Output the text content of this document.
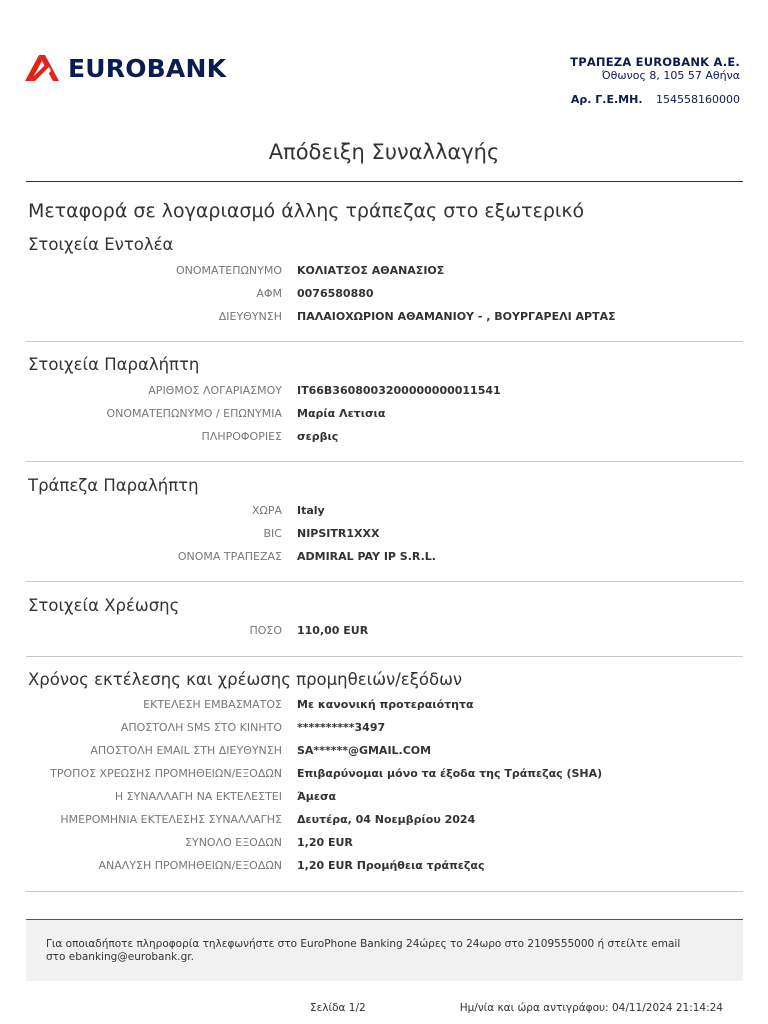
EUROBANK	ΤΡΑΠΕΖΑ EUROBANK A.E.
Όθωνος 8, 105 57 Αθήνα
Αρ. Γ.Ε.ΜΗ. 154558160000
Απόδειξη Συναλλαγής
Μεταφορά σε λογαριασμό άλλης τράπεζας στο εξωτερικό
Στοιχεία Εντολέα
ΟΝΟΜΑΤΕΠΩΝΥΜΟ ΚΟΛΙΑΤΣΟΣ ΑΘΑΝΑΣΙΟΣ
ΑΦΜ 0076580880
ΔΙΕΥΘΥΝΣΗ ΠΑΛΑΙΟΧΩΡΙΟΝ ΑΘΑΜΑΝΙΟΥ - , ΒΟΥΡΓΑΡΕΛΙ ΑΡΤΑΣ
Στοιχεία Παραλήπτη
ΑΡΙΘΜΟΣ ΛΟΓΑΡΙΑΣΜΟΥ IT66B3608003200000000011541
ΟΝΟΜΑΤΕΠΩΝΥΜΟ / ΕΠΩΝΥΜΙΑ Μαρία Λετισια
ΠΛΗΡΟΦΟΡΙΕΣ σερβις
Τράπεζα Παραλήπτη
ΧΩΡΑ Italy
BIC NIPSITR1XXX
ΟΝΟΜΑ ΤΡΑΠΕΖΑΣ ADMIRAL PAY IP S.R.L.
Στοιχεία Χρέωσης
ΠΟΣΟ 110,00 EUR
Χρόνος εκτέλεσης και χρέωσης προμηθειών/εξόδων
ΕΚΤΕΛΕΣΗ ΕΜΒΑΣΜΑΤΟΣ Με κανονική προτεραιότητα
ΑΠΟΣΤΟΛΗ SMS ΣΤΟ ΚΙΝΗΤΟ **********3497
ΑΠΟΣΤΟΛΗ EMAIL ΣΤΗ ΔΙΕΥΘΥΝΣΗ SA******@GMAIL.COM
ΤΡΟΠΟΣ ΧΡΕΩΣΗΣ ΠΡΟΜΗΘΕΙΩΝ/ΕΞΟΔΩΝ Επιβαρύνομαι μόνο τα έξοδα της Τράπεζας (SHA)
Η ΣΥΝΑΛΛΑΓΗ ΝΑ ΕΚΤΕΛΕΣΤΕΙ Άμεσα
ΗΜΕΡΟΜΗΝΙΑ ΕΚΤΕΛΕΣΗΣ ΣΥΝΑΛΛΑΓΗΣ Δευτέρα, 04 Νοεμβρίου 2024
ΣΥΝΟΛΟ ΕΞΟΔΩΝ 1,20 EUR
ΑΝΑΛΥΣΗ ΠΡΟΜΗΘΕΙΩΝ/ΕΞΟΔΩΝ 1,20 EUR Προμήθεια τράπεζας
Για οποιαδήποτε πληροφορία τηλεφωνήστε στο EuroPhone Banking 24ώρες το 24ωρο στο 2109555000 ή στείλτε email
στο ebanking@eurobank.gr.
Σελίδα 1/2	Ημ/νία και ώρα αντιγράφου: 04/11/2024 21:14:24
